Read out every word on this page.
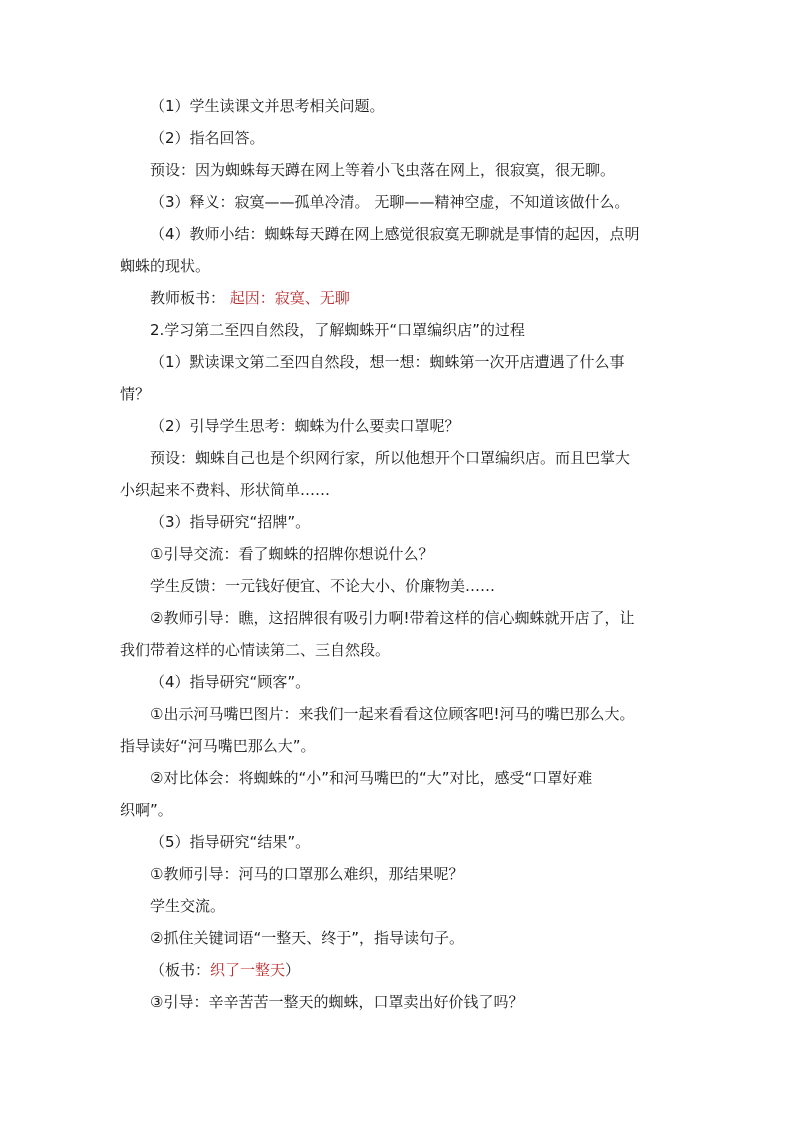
（1）学生读课文并思考相关问题。

（2）指名回答。

预设：因为蜘蛛每天蹲在网上等着小飞虫落在网上，很寂寞，很无聊。

（3）释义：寂寞——孤单冷清。 无聊——精神空虚，不知道该做什么。

（4）教师小结：蜘蛛每天蹲在网上感觉很寂寞无聊就是事情的起因，点明

蜘蛛的现状。

教师板书： 起因：寂寞、无聊

2.学习第二至四自然段，了解蜘蛛开“口罩编织店”的过程

（1）默读课文第二至四自然段，想一想：蜘蛛第一次开店遭遇了什么事

情？

（2）引导学生思考：蜘蛛为什么要卖口罩呢？

预设：蜘蛛自己也是个织网行家，所以他想开个口罩编织店。而且巴掌大

小织起来不费料、形状简单……

（3）指导研究“招牌”。

①引导交流：看了蜘蛛的招牌你想说什么？

学生反馈：一元钱好便宜、不论大小、价廉物美……

②教师引导：瞧，这招牌很有吸引力啊!带着这样的信心蜘蛛就开店了，让

我们带着这样的心情读第二、三自然段。

（4）指导研究“顾客”。

①出示河马嘴巴图片：来我们一起来看看这位顾客吧!河马的嘴巴那么大。

指导读好“河马嘴巴那么大”。

②对比体会：将蜘蛛的“小”和河马嘴巴的“大”对比，感受“口罩好难

织啊”。

（5）指导研究“结果”。

①教师引导：河马的口罩那么难织，那结果呢？

学生交流。

②抓住关键词语“一整天、终于”，指导读句子。

（板书：织了一整天）

③引导：辛辛苦苦一整天的蜘蛛，口罩卖出好价钱了吗？
